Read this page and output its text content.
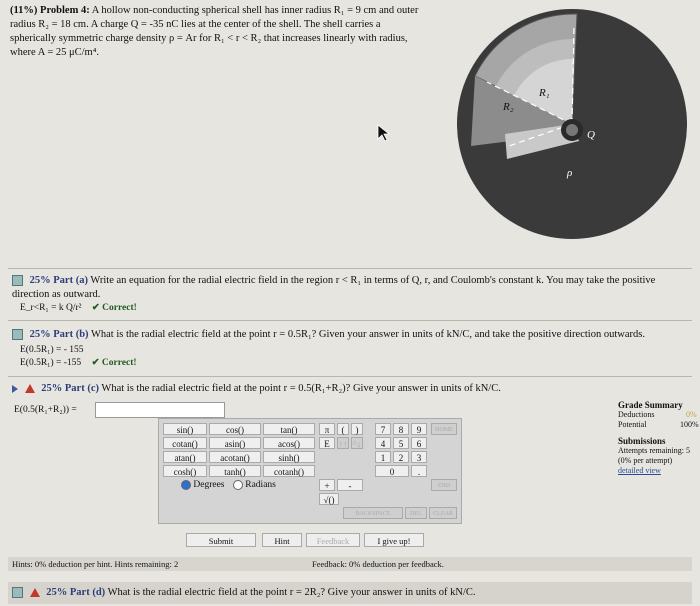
(11%) Problem 4: A hollow non-conducting spherical shell has inner radius R₁ = 9 cm and outer radius R₂ = 18 cm. A charge Q = -35 nC lies at the center of the shell. The shell carries a spherically symmetric charge density ρ = Ar for R₁ < r < R₂ that increases linearly with radius, where A = 25 μC/m⁴.
R₂
R₁
Q
ρ
25% Part (a) Write an equation for the radial electric field in the region r < R₁ in terms of Q, r, and Coulomb's constant k. You may take the positive direction as outward.
E_r<R₁ = k Q/r² ✔ Correct!
25% Part (b) What is the radial electric field at the point r = 0.5R₁? Given your answer in units of kN/C, and take the positive direction outwards.
E(0.5R₁) = - 155
E(0.5R₁) = -155 ✔ Correct!
25% Part (c) What is the radial electric field at the point r = 0.5(R₁+R₂)? Give your answer in units of kN/C.
E(0.5(R₁+R₂)) =	Grade Summary
Deductions	0%
Potential	100%
Submissions
Attempts remaining: 5
(0% per attempt)
detailed view
sin()	cos()	tan()
cotan()	asin()	acos()
atan()	acotan()	sinh()
cosh()	tanh()	cotanh()
Degrees Radians
π	(	)
E ↑↑ ^↓
+	-
√()
7	8	9
4	5	6
1	2	3
0	.
HOME
END
BACKSPACE	DEL	CLEAR
Submit	Hint	Feedback	I give up!
Hints: 0% deduction per hint. Hints remaining: 2	Feedback: 0% deduction per feedback.
25% Part (d) What is the radial electric field at the point r = 2R₂? Give your answer in units of kN/C.
